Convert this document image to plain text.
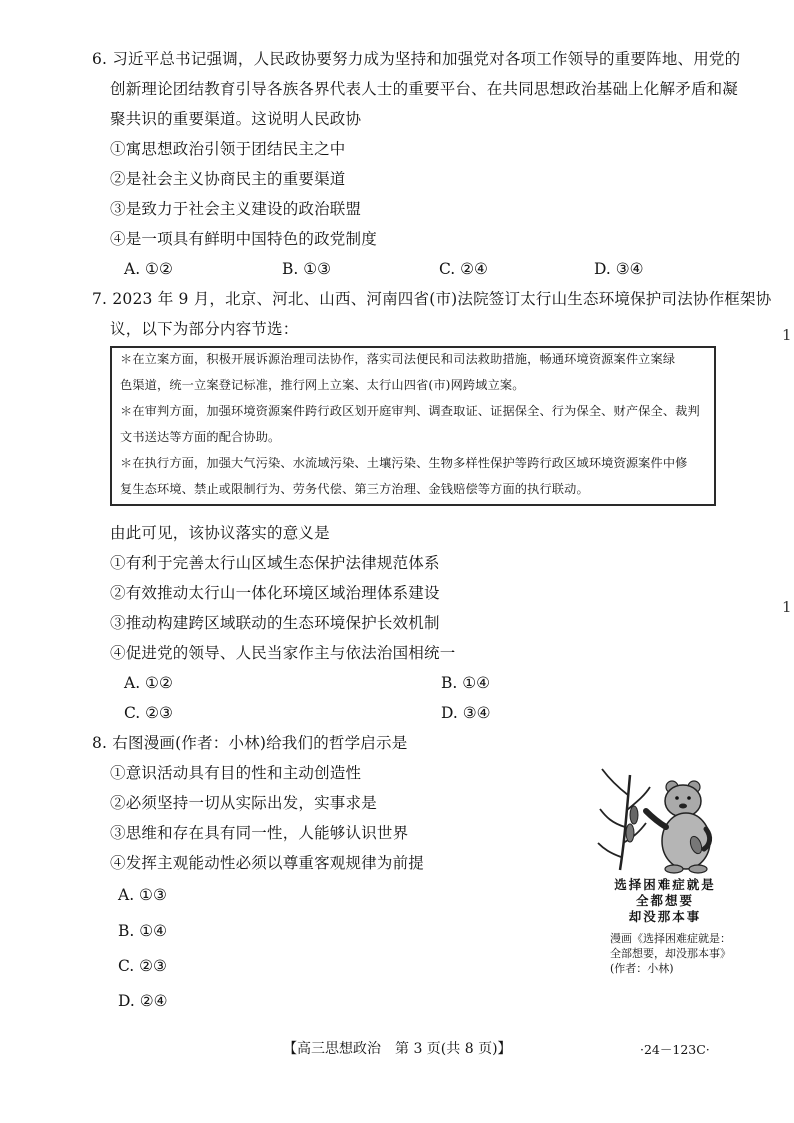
6. 习近平总书记强调，人民政协要努力成为坚持和加强党对各项工作领导的重要阵地、用党的
创新理论团结教育引导各族各界代表人士的重要平台、在共同思想政治基础上化解矛盾和凝
聚共识的重要渠道。这说明人民政协
①寓思想政治引领于团结民主之中
②是社会主义协商民主的重要渠道
③是致力于社会主义建设的政治联盟
④是一项具有鲜明中国特色的政党制度
A. ①②	B. ①③	C. ②④	D. ③④
7. 2023 年 9 月，北京、河北、山西、河南四省(市)法院签订太行山生态环境保护司法协作框架协
议，以下为部分内容节选：
＊在立案方面，积极开展诉源治理司法协作，落实司法便民和司法救助措施，畅通环境资源案件立案绿
色渠道，统一立案登记标准，推行网上立案、太行山四省(市)网跨域立案。
＊在审判方面，加强环境资源案件跨行政区划开庭审判、调查取证、证据保全、行为保全、财产保全、裁判
文书送达等方面的配合协助。
＊在执行方面，加强大气污染、水流域污染、土壤污染、生物多样性保护等跨行政区域环境资源案件中修
复生态环境、禁止或限制行为、劳务代偿、第三方治理、金钱赔偿等方面的执行联动。
由此可见，该协议落实的意义是
①有利于完善太行山区域生态保护法律规范体系
②有效推动太行山一体化环境区域治理体系建设
③推动构建跨区域联动的生态环境保护长效机制
④促进党的领导、人民当家作主与依法治国相统一
A. ①②	B. ①④
C. ②③	D. ③④
8. 右图漫画(作者：小林)给我们的哲学启示是
①意识活动具有目的性和主动创造性
②必须坚持一切从实际出发，实事求是
③思维和存在具有同一性，人能够认识世界
④发挥主观能动性必须以尊重客观规律为前提
A. ①③
B. ①④
C. ②③
D. ②④
选择困难症就是
全都想要
却没那本事
漫画《选择困难症就是：
全部想要，却没那本事》
(作者：小林)
1
1
【高三思想政治　第 3 页(共 8 页)】	·24－123C·
